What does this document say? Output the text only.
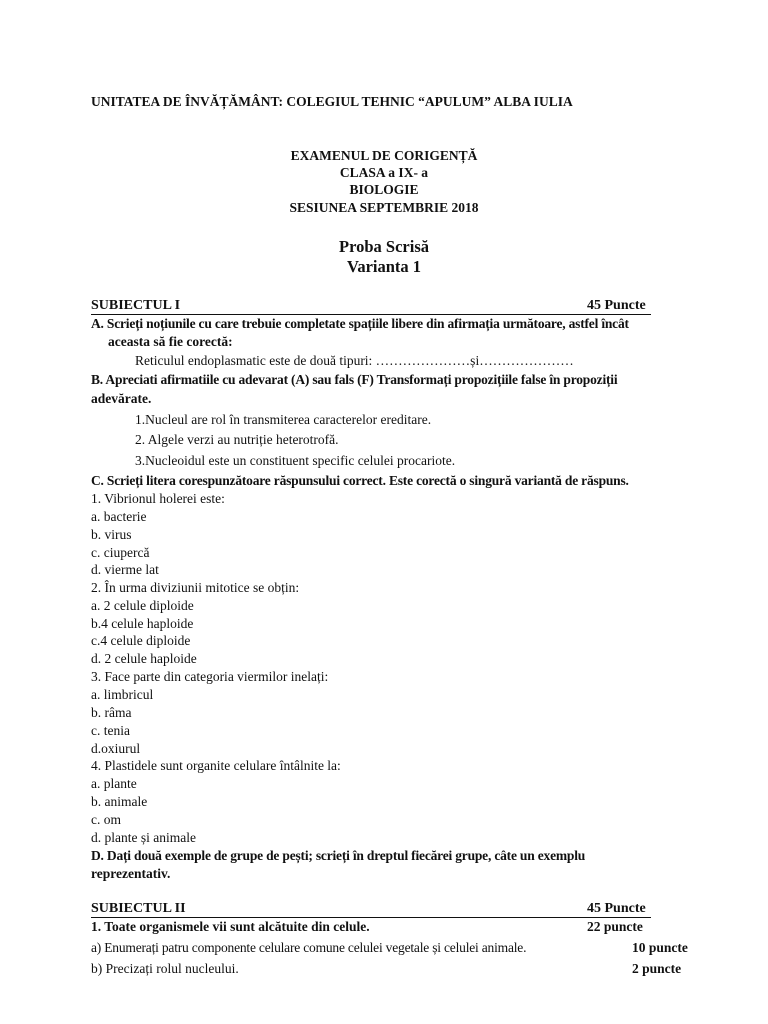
UNITATEA DE ÎNVĂȚĂMÂNT: COLEGIUL TEHNIC “APULUM” ALBA IULIA
EXAMENUL DE CORIGENȚĂ
CLASA a IX- a
BIOLOGIE
SESIUNEA SEPTEMBRIE 2018
Proba Scrisă
Varianta 1
SUBIECTUL I	45 Puncte
A. Scrieți noțiunile cu care trebuie completate spațiile libere din afirmația următoare, astfel încât
aceasta să fie corectă:
Reticulul endoplasmatic este de două tipuri: …………………și…………………
B. Apreciati afirmatiile cu adevarat (A) sau fals (F) Transformați propozițiile false în propoziții
adevărate.
1.Nucleul are rol în transmiterea caracterelor ereditare.
2. Algele verzi au nutriție heterotrofă.
3.Nucleoidul este un constituent specific celulei procariote.
C. Scrieți litera corespunzătoare răspunsului correct. Este corectă o singură variantă de răspuns.
1. Vibrionul holerei este:
a. bacterie
b. virus
c. ciupercă
d. vierme lat
2. În urma diviziunii mitotice se obțin:
a. 2 celule diploide
b.4 celule haploide
c.4 celule diploide
d. 2 celule haploide
3. Face parte din categoria viermilor inelați:
a. limbricul
b. râma
c. tenia
d.oxiurul
4. Plastidele sunt organite celulare întâlnite la:
a. plante
b. animale
c. om
d. plante și animale
D. Dați două exemple de grupe de pești; scrieți în dreptul fiecărei grupe, câte un exemplu
reprezentativ.
SUBIECTUL II	45 Puncte
1. Toate organismele vii sunt alcătuite din celule.	22 puncte
a) Enumerați patru componente celulare comune celulei vegetale și celulei animale.	10 puncte
b) Precizați rolul nucleului.	2 puncte
